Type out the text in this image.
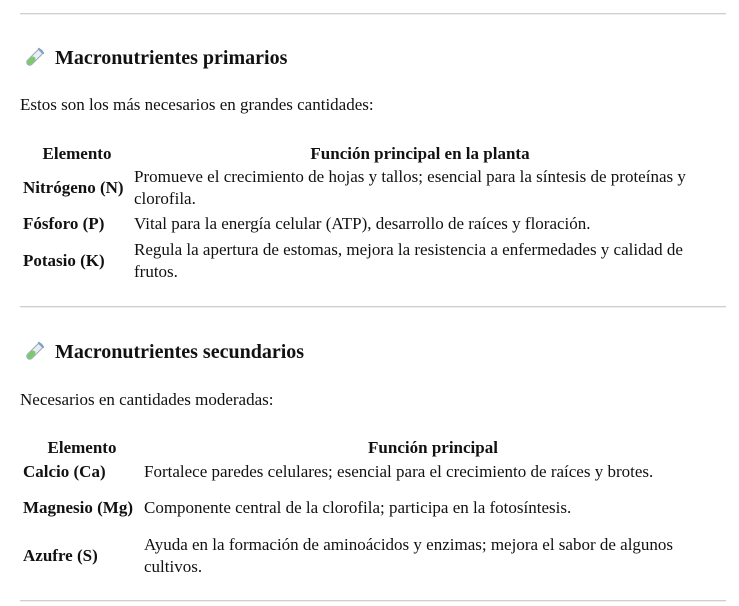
Macronutrientes primarios
Estos son los más necesarios en grandes cantidades:
Elemento	Función principal en la planta
Nitrógeno (N)	Promueve el crecimiento de hojas y tallos; esencial para la síntesis de proteínas y clorofila.
Fósforo (P)	Vital para la energía celular (ATP), desarrollo de raíces y floración.
Potasio (K)	Regula la apertura de estomas, mejora la resistencia a enfermedades y calidad de frutos.
Macronutrientes secundarios
Necesarios en cantidades moderadas:
Elemento	Función principal
Calcio (Ca)	Fortalece paredes celulares; esencial para el crecimiento de raíces y brotes.
Magnesio (Mg)	Componente central de la clorofila; participa en la fotosíntesis.
Azufre (S)	Ayuda en la formación de aminoácidos y enzimas; mejora el sabor de algunos cultivos.
